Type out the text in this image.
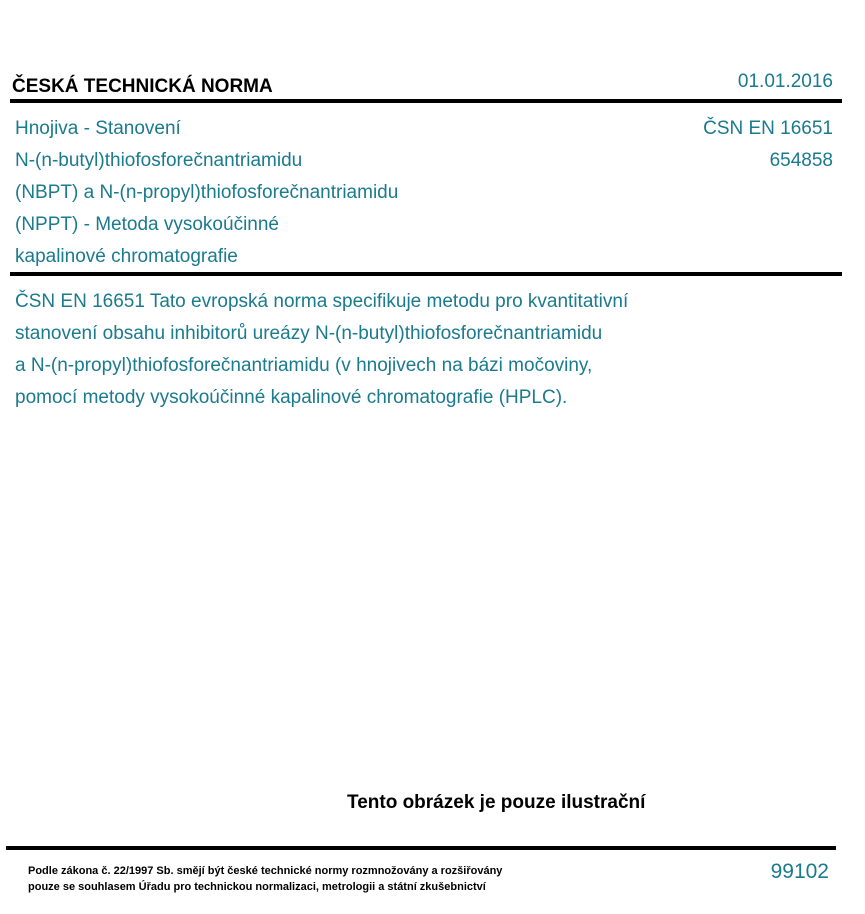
ČESKÁ TECHNICKÁ NORMA	01.01.2016
Hnojiva - Stanovení
N-(n-butyl)thiofosforečnantriamidu
(NBPT) a N-(n-propyl)thiofosforečnantriamidu
(NPPT) - Metoda vysokoúčinné
kapalinové chromatografie
ČSN EN 16651
654858
ČSN EN 16651 Tato evropská norma specifikuje metodu pro kvantitativní
stanovení obsahu inhibitorů ureázy N-(n-butyl)thiofosforečnantriamidu
a N-(n-propyl)thiofosforečnantriamidu (v hnojivech na bázi močoviny,
pomocí metody vysokoúčinné kapalinové chromatografie (HPLC).
Tento obrázek je pouze ilustrační
Podle zákona č. 22/1997 Sb. smějí být české technické normy rozmnožovány a rozšiřovány
pouze se souhlasem Úřadu pro technickou normalizaci, metrologii a státní zkušebnictví
99102
